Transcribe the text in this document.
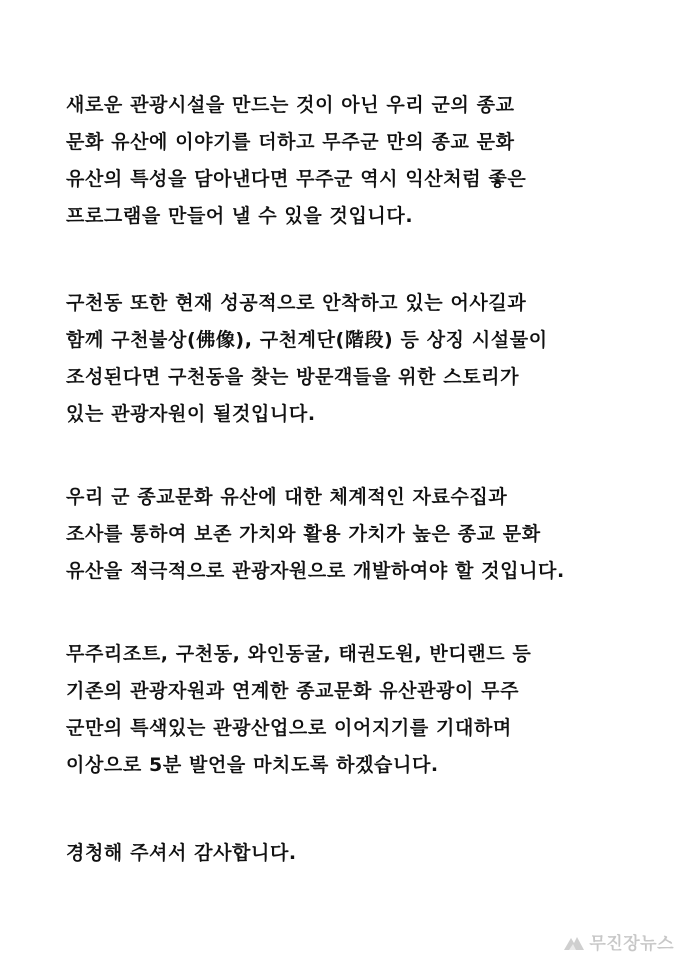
새로운 관광시설을 만드는 것이 아닌 우리 군의 종교
문화 유산에 이야기를 더하고 무주군 만의 종교 문화
유산의 특성을 담아낸다면 무주군 역시 익산처럼 좋은
프로그램을 만들어 낼 수 있을 것입니다.
구천동 또한 현재 성공적으로 안착하고 있는 어사길과
함께 구천불상(佛像), 구천계단(階段) 등 상징 시설물이
조성된다면 구천동을 찾는 방문객들을 위한 스토리가
있는 관광자원이 될것입니다.
우리 군 종교문화 유산에 대한 체계적인 자료수집과
조사를 통하여 보존 가치와 활용 가치가 높은 종교 문화
유산을 적극적으로 관광자원으로 개발하여야 할 것입니다.
무주리조트, 구천동, 와인동굴, 태권도원, 반디랜드 등
기존의 관광자원과 연계한 종교문화 유산관광이 무주
군만의 특색있는 관광산업으로 이어지기를 기대하며
이상으로 5분 발언을 마치도록 하겠습니다.
경청해 주셔서 감사합니다.
무진장뉴스
